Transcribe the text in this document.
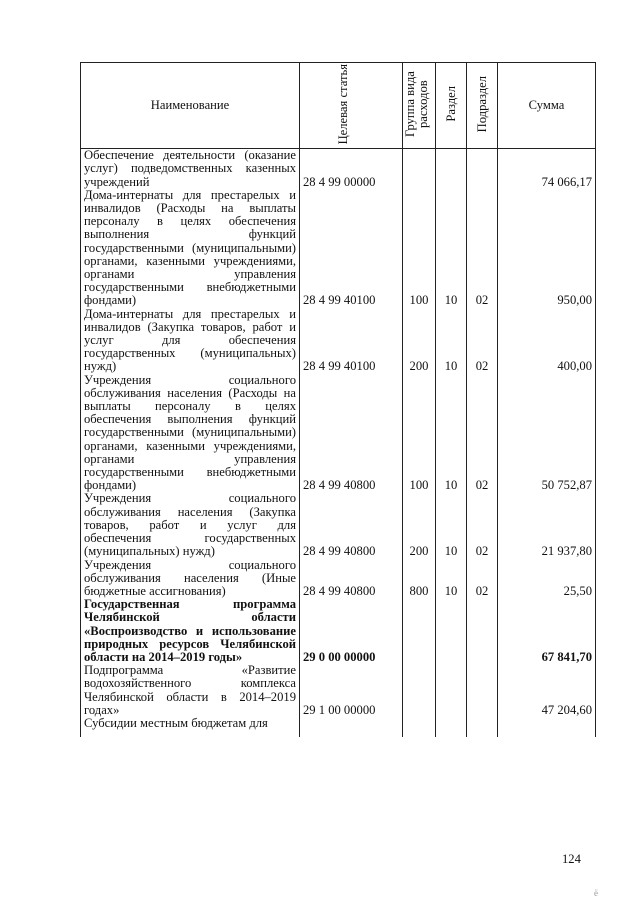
Наименование	Целевая статья	Группа вида расходов	Раздел	Подраздел	Сумма
Обеспечение деятельности (оказание услуг) подведомственных казенных учреждений	28 4 99 00000				74 066,17
Дома-интернаты для престарелых и инвалидов (Расходы на выплаты персоналу в целях обеспечения выполнения функций государственными (муниципальными) органами, казенными учреждениями, органами управления государственными внебюджетными фондами)	28 4 99 40100	100	10	02	950,00
Дома-интернаты для престарелых и инвалидов (Закупка товаров, работ и услуг для обеспечения государственных (муниципальных) нужд)	28 4 99 40100	200	10	02	400,00
Учреждения социального обслуживания населения (Расходы на выплаты персоналу в целях обеспечения выполнения функций государственными (муниципальными) органами, казенными учреждениями, органами управления государственными внебюджетными фондами)	28 4 99 40800	100	10	02	50 752,87
Учреждения социального обслуживания населения (Закупка товаров, работ и услуг для обеспечения государственных (муниципальных) нужд)	28 4 99 40800	200	10	02	21 937,80
Учреждения социального обслуживания населения (Иные бюджетные ассигнования)	28 4 99 40800	800	10	02	25,50
Государственная программа Челябинской области «Воспроизводство и использование природных ресурсов Челябинской области на 2014–2019 годы»	29 0 00 00000				67 841,70
Подпрограмма «Развитие водохозяйственного комплекса Челябинской области в 2014–2019 годах»	29 1 00 00000				47 204,60
Субсидии местным бюджетам для					
124
ё
